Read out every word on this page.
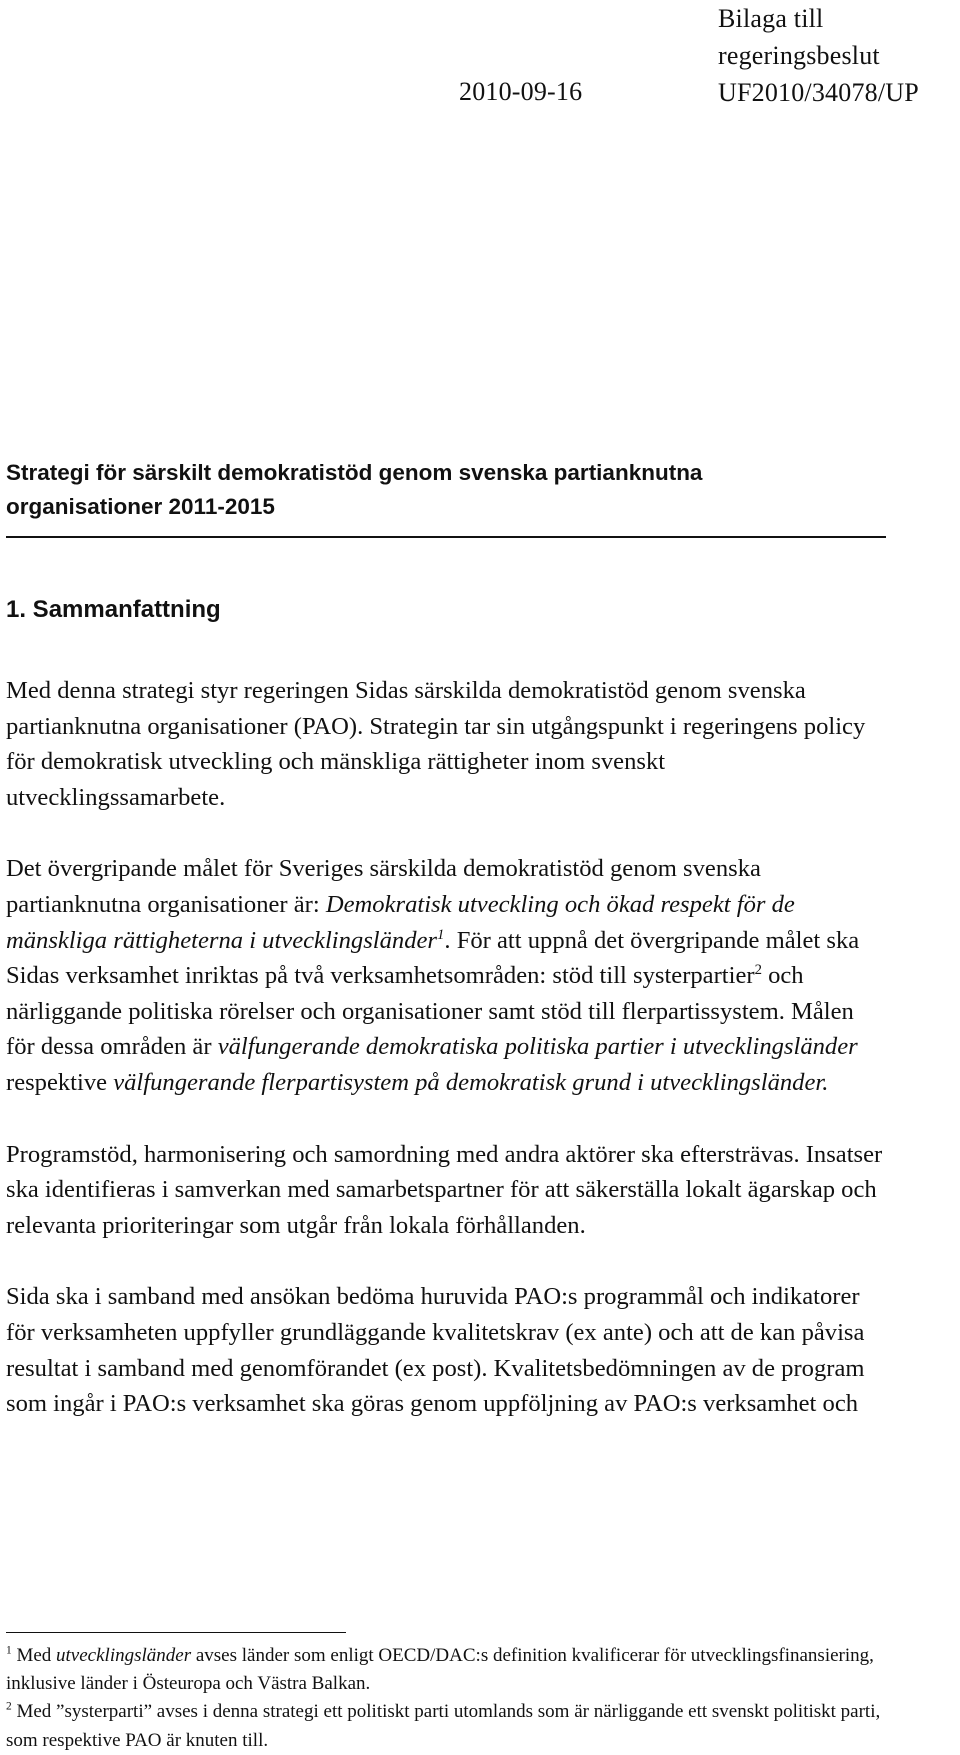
2010-09-16
Bilaga till
regeringsbeslut
UF2010/34078/UP
Strategi för särskilt demokratistöd genom svenska partianknutna
organisationer 2011-2015
1. Sammanfattning

Med denna strategi styr regeringen Sidas särskilda demokratistöd genom svenska partianknutna organisationer (PAO). Strategin tar sin utgångspunkt i regeringens policy för demokratisk utveckling och mänskliga rättigheter inom svenskt utvecklingssamarbete.

Det övergripande målet för Sveriges särskilda demokratistöd genom svenska partianknutna organisationer är: Demokratisk utveckling och ökad respekt för de mänskliga rättigheterna i utvecklingsländer$^1$. För att uppnå det övergripande målet ska Sidas verksamhet inriktas på två verksamhetsområden: stöd till systerpartier$^2$ och närliggande politiska rörelser och organisationer samt stöd till flerpartissystem. Målen för dessa områden är välfungerande demokratiska politiska partier i utvecklingsländer respektive välfungerande flerpartisystem på demokratisk grund i utvecklingsländer.

Programstöd, harmonisering och samordning med andra aktörer ska eftersträvas. Insatser ska identifieras i samverkan med samarbetspartner för att säkerställa lokalt ägarskap och relevanta prioriteringar som utgår från lokala förhållanden.

Sida ska i samband med ansökan bedöma huruvida PAO:s programmål och indikatorer för verksamheten uppfyller grundläggande kvalitetskrav (ex ante) och att de kan påvisa resultat i samband med genomförandet (ex post). Kvalitetsbedömningen av de program som ingår i PAO:s verksamhet ska göras genom uppföljning av PAO:s verksamhet och

$^1$ Med utvecklingsländer avses länder som enligt OECD/DAC:s definition kvalificerar för utvecklingsfinansiering, inklusive länder i Östeuropa och Västra Balkan.

$^2$ Med ”systerparti” avses i denna strategi ett politiskt parti utomlands som är närliggande ett svenskt politiskt parti, som respektive PAO är knuten till.
